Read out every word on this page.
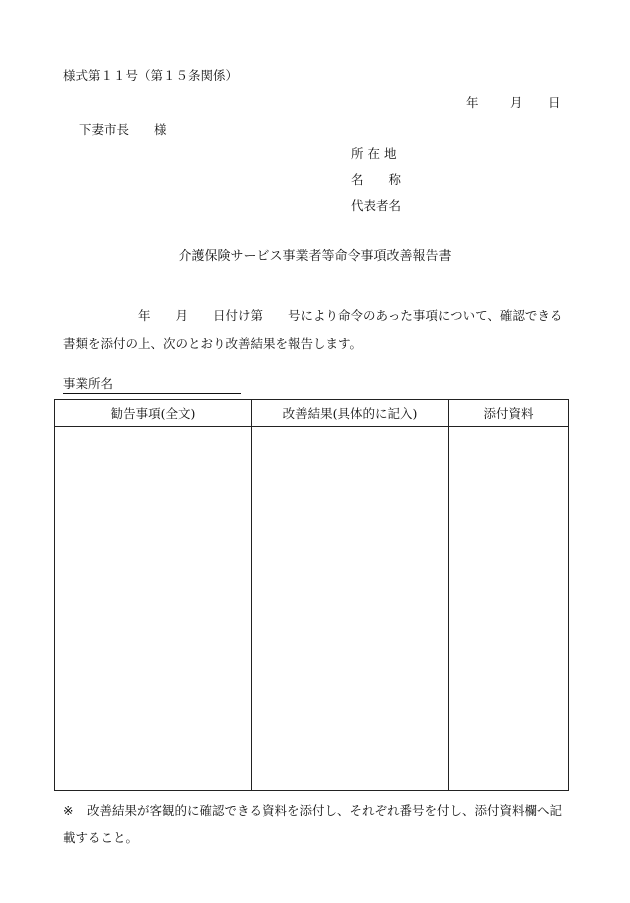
様式第１１号（第１５条関係）
年	月 日
下妻市長　　様
所 在 地
名　　称
代表者名
介護保険サービス事業者等命令事項改善報告書
　　　　　　年　　月　　日付け第　　号により命令のあった事項について、確認できる書類を添付の上、次のとおり改善結果を報告します。
事業所名
勧告事項(全文)	改善結果(具体的に記入)	添付資料

※ 改善結果が客観的に確認できる資料を添付し、それぞれ番号を付し、添付資料欄へ記載すること。
